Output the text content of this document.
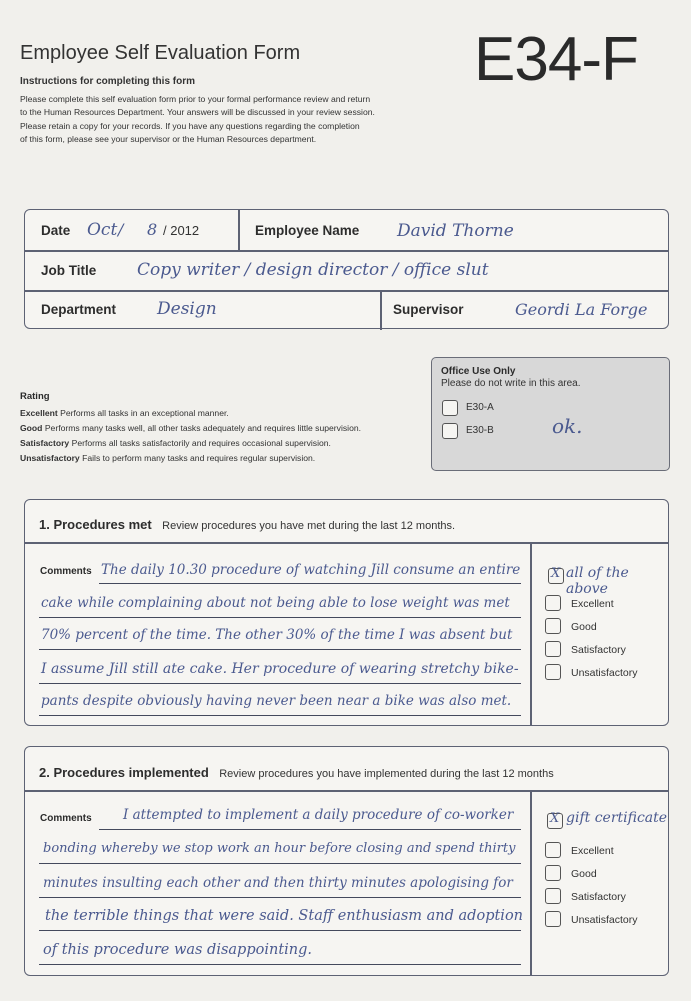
Employee Self Evaluation Form	E34-F
Instructions for completing this form
Please complete this self evaluation form prior to your formal performance review and return
to the Human Resources Department. Your answers will be discussed in your review session.
Please retain a copy for your records. If you have any questions regarding the completion
of this form, please see your supervisor or the Human Resources department.
Date Oct / 8 / 2012	Employee Name David Thorne
Job Title Copy writer / design director / office slut
Department Design	Supervisor	Geordi La Forge
Rating
Excellent Performs all tasks in an exceptional manner.
Good Performs many tasks well, all other tasks adequately and requires little supervision.
Satisfactory Performs all tasks satisfactorily and requires occasional supervision.
Unsatisfactory Fails to perform many tasks and requires regular supervision.
Office Use Only
Please do not write in this area.
E30-A
E30-B	ok.
1. Procedures met Review procedures you have met during the last 12 months.
Comments The daily 10.30 procedure of watching Jill consume an entire
cake while complaining about not being able to lose weight was met
70% percent of the time. The other 30% of the time I was absent but
I assume Jill still ate cake. Her procedure of wearing stretchy bike-
pants despite obviously having never been near a bike was also met.
X all of the above
Excellent
Good
Satisfactory
Unsatisfactory
2. Procedures implemented Review procedures you have implemented during the last 12 months
Comments I attempted to implement a daily procedure of co-worker
bonding whereby we stop work an hour before closing and spend thirty
minutes insulting each other and then thirty minutes apologising for
the terrible things that were said. Staff enthusiasm and adoption
of this procedure was disappointing.
X gift certificate
Excellent
Good
Satisfactory
Unsatisfactory
